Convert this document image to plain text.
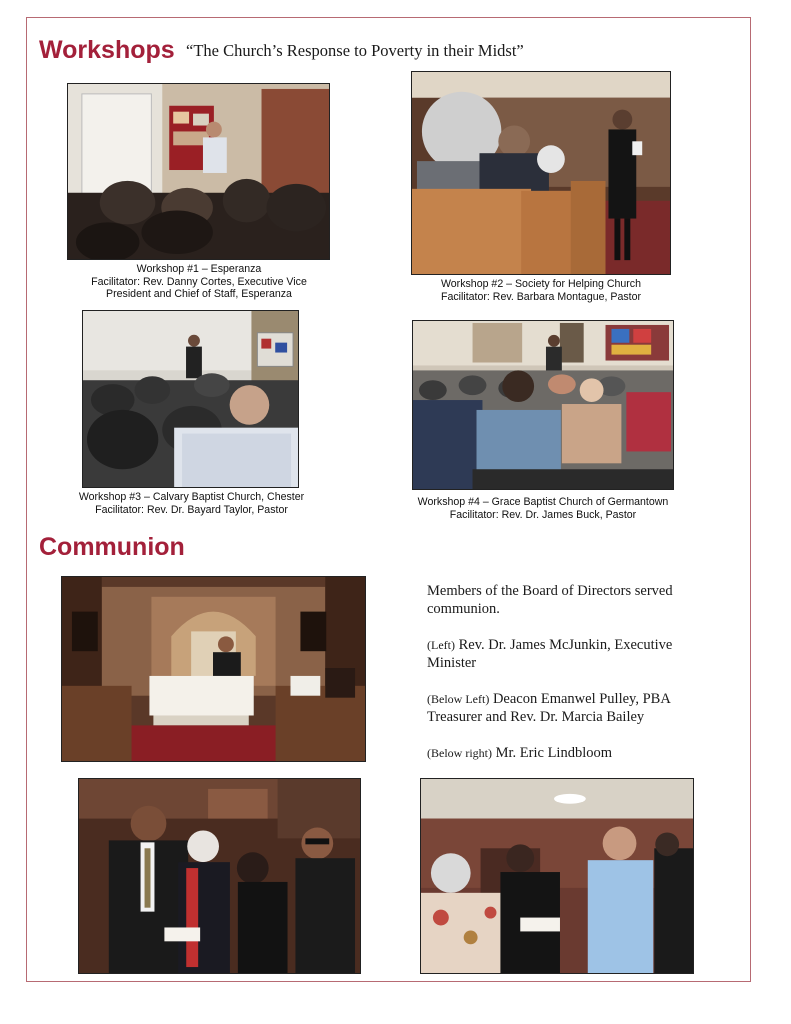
Workshops “The Church’s Response to Poverty in their Midst”
Workshop #1 – Esperanza
Facilitator: Rev. Danny Cortes, Executive Vice
President and Chief of Staff, Esperanza
Workshop #2 – Society for Helping Church
Facilitator: Rev. Barbara Montague, Pastor
Workshop #3 – Calvary Baptist Church, Chester
Facilitator: Rev. Dr. Bayard Taylor, Pastor
Workshop #4 – Grace Baptist Church of Germantown
Facilitator: Rev. Dr. James Buck, Pastor
Communion
Members of the Board of Directors served
communion.
(Left) Rev. Dr. James McJunkin, Executive
Minister
(Below Left) Deacon Emanwel Pulley, PBA
Treasurer and Rev. Dr. Marcia Bailey
(Below right) Mr. Eric Lindbloom
